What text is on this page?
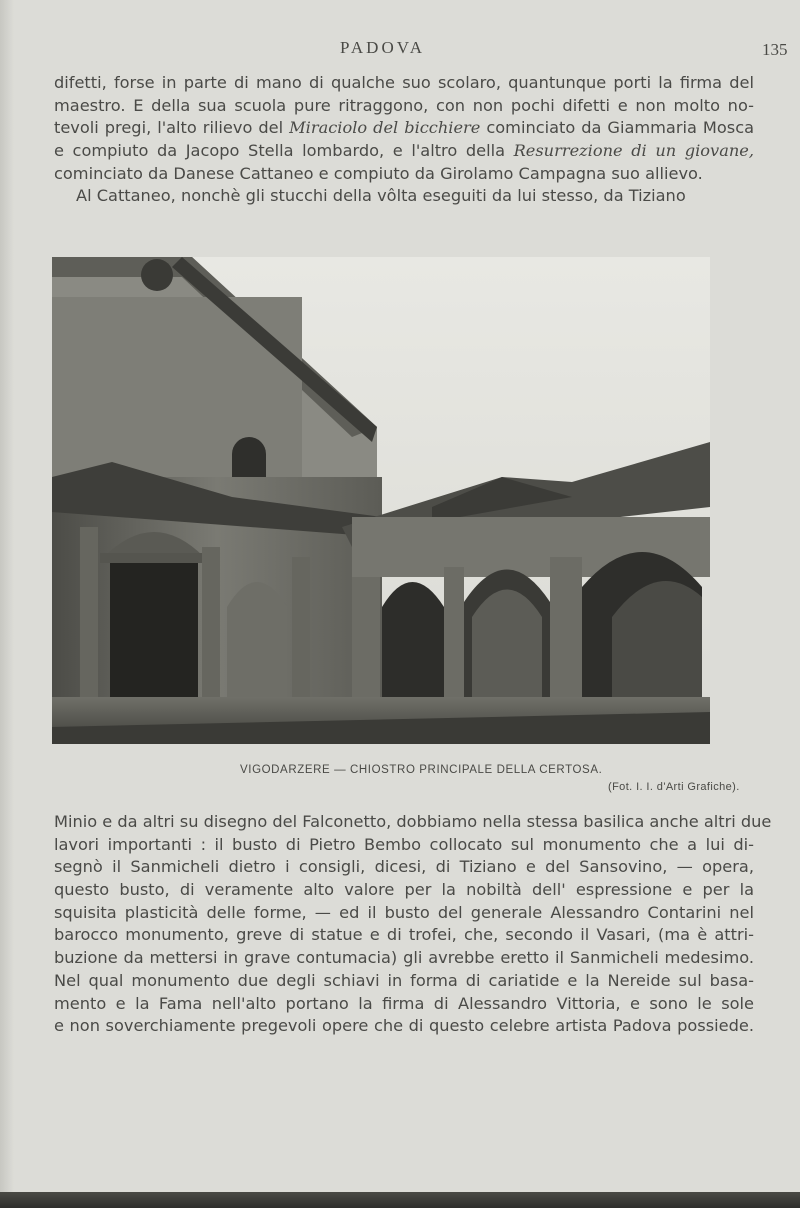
PADOVA	135
difetti, forse in parte di mano di qualche suo scolaro, quantunque porti la firma del
maestro. E della sua scuola pure ritraggono, con non pochi difetti e non molto no-
tevoli pregi, l'alto rilievo del Miraciolo del bicchiere cominciato da Giammaria Mosca
e compiuto da Jacopo Stella lombardo, e l'altro della Resurrezione di un giovane,
cominciato da Danese Cattaneo e compiuto da Girolamo Campagna suo allievo.
Al Cattaneo, nonchè gli stucchi della vôlta eseguiti da lui stesso, da Tiziano
VIGODARZERE — CHIOSTRO PRINCIPALE DELLA CERTOSA.
(Fot. I. I. d'Arti Grafiche).
Minio e da altri su disegno del Falconetto, dobbiamo nella stessa basilica anche altri due
lavori importanti : il busto di Pietro Bembo collocato sul monumento che a lui di-
segnò il Sanmicheli dietro i consigli, dicesi, di Tiziano e del Sansovino, — opera,
questo busto, di veramente alto valore per la nobiltà dell' espressione e per la
squisita plasticità delle forme, — ed il busto del generale Alessandro Contarini nel
barocco monumento, greve di statue e di trofei, che, secondo il Vasari, (ma è attri-
buzione da mettersi in grave contumacia) gli avrebbe eretto il Sanmicheli medesimo.
Nel qual monumento due degli schiavi in forma di cariatide e la Nereide sul basa-
mento e la Fama nell'alto portano la firma di Alessandro Vittoria, e sono le sole
e non soverchiamente pregevoli opere che di questo celebre artista Padova possiede.
